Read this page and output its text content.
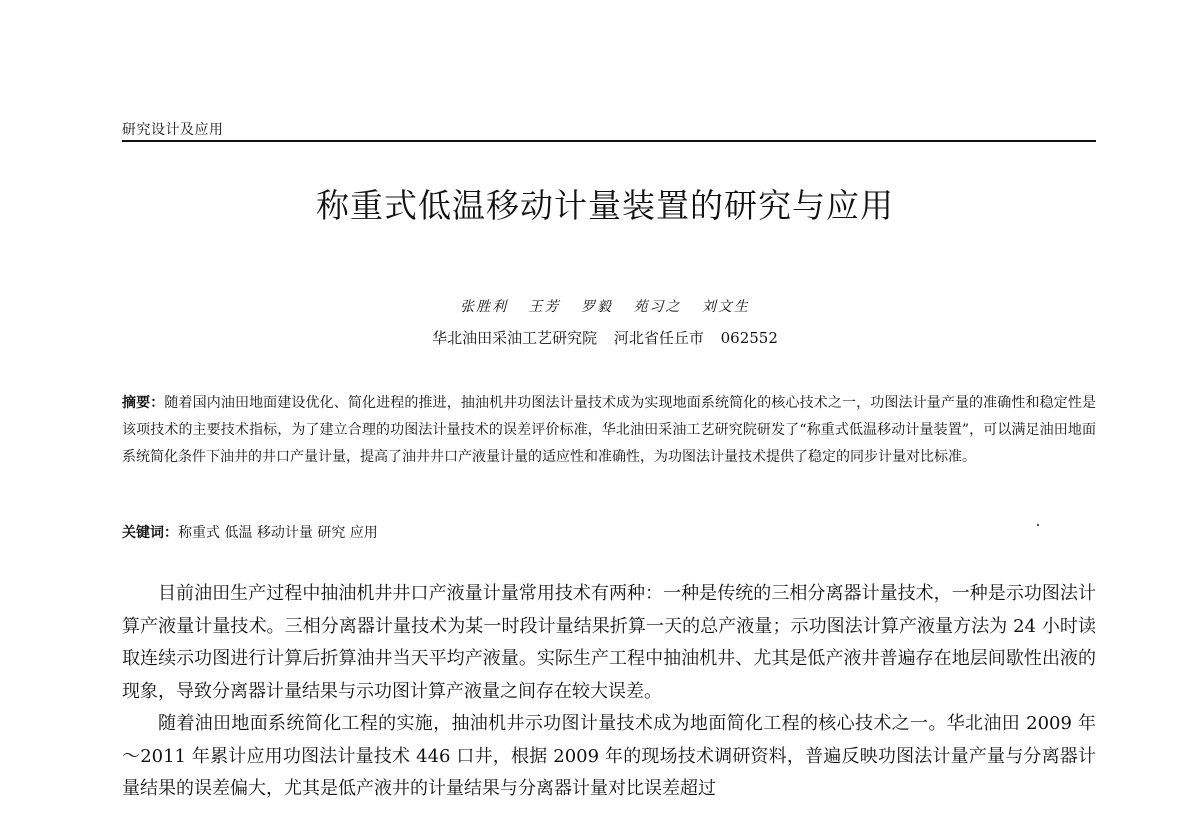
研究设计及应用
称重式低温移动计量装置的研究与应用
张胜利 王芳 罗毅 苑习之 刘文生
华北油田采油工艺研究院 河北省任丘市 062552
摘要：随着国内油田地面建设优化、简化进程的推进，抽油机井功图法计量技术成为实现地面系统简化的核心技术之一，功图法计量产量的准确性和稳定性是该项技术的主要技术指标，为了建立合理的功图法计量技术的误差评价标准，华北油田采油工艺研究院研发了“称重式低温移动计量装置”，可以满足油田地面系统简化条件下油井的井口产量计量，提高了油井井口产液量计量的适应性和准确性，为功图法计量技术提供了稳定的同步计量对比标准。
关键词：称重式 低温 移动计量 研究 应用

目前油田生产过程中抽油机井井口产液量计量常用技术有两种：一种是传统的三相分离器计量技术，一种是示功图法计算产液量计量技术。三相分离器计量技术为某一时段计量结果折算一天的总产液量；示功图法计算产液量方法为 24 小时读取连续示功图进行计算后折算油井当天平均产液量。实际生产工程中抽油机井、尤其是低产液井普遍存在地层间歇性出液的现象，导致分离器计量结果与示功图计算产液量之间存在较大误差。

随着油田地面系统简化工程的实施，抽油机井示功图计量技术成为地面简化工程的核心技术之一。华北油田 2009 年～2011 年累计应用功图法计量技术 446 口井，根据 2009 年的现场技术调研资料，普遍反映功图法计量产量与分离器计量结果的误差偏大，尤其是低产液井的计量结果与分离器计量对比误差超过
